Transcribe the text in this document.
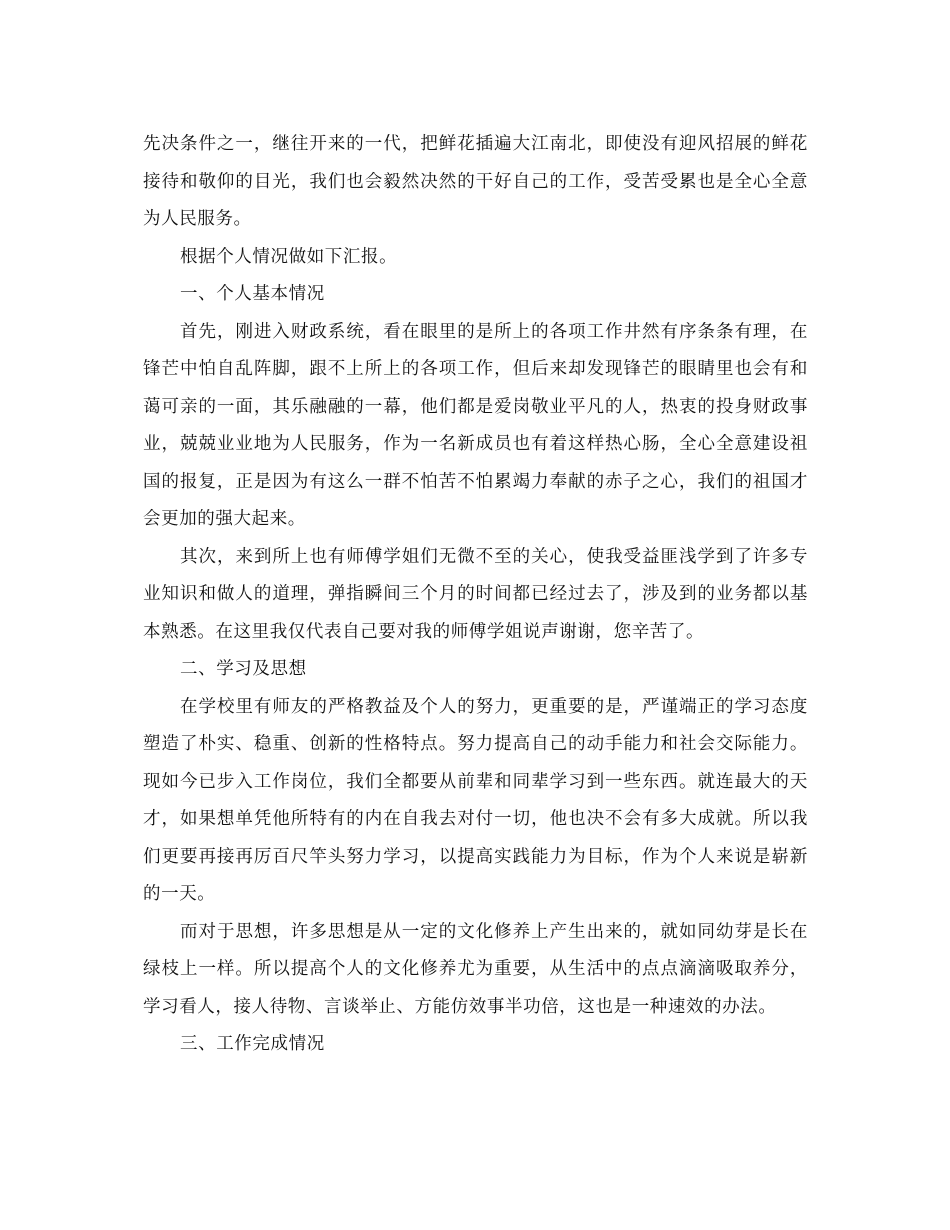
先决条件之一，继往开来的一代，把鲜花插遍大江南北，即使没有迎风招展的鲜花接待和敬仰的目光，我们也会毅然决然的干好自己的工作，受苦受累也是全心全意为人民服务。

根据个人情况做如下汇报。

一、个人基本情况

首先，刚进入财政系统，看在眼里的是所上的各项工作井然有序条条有理，在锋芒中怕自乱阵脚，跟不上所上的各项工作，但后来却发现锋芒的眼睛里也会有和蔼可亲的一面，其乐融融的一幕，他们都是爱岗敬业平凡的人，热衷的投身财政事业，兢兢业业地为人民服务，作为一名新成员也有着这样热心肠，全心全意建设祖国的报复，正是因为有这么一群不怕苦不怕累竭力奉献的赤子之心，我们的祖国才会更加的强大起来。

其次，来到所上也有师傅学姐们无微不至的关心，使我受益匪浅学到了许多专业知识和做人的道理，弹指瞬间三个月的时间都已经过去了，涉及到的业务都以基本熟悉。在这里我仅代表自己要对我的师傅学姐说声谢谢，您辛苦了。

二、学习及思想

在学校里有师友的严格教益及个人的努力，更重要的是，严谨端正的学习态度塑造了朴实、稳重、创新的性格特点。努力提高自己的动手能力和社会交际能力。现如今已步入工作岗位，我们全都要从前辈和同辈学习到一些东西。就连最大的天才，如果想单凭他所特有的内在自我去对付一切，他也决不会有多大成就。所以我们更要再接再厉百尺竿头努力学习，以提高实践能力为目标，作为个人来说是崭新的一天。

而对于思想，许多思想是从一定的文化修养上产生出来的，就如同幼芽是长在绿枝上一样。所以提高个人的文化修养尤为重要，从生活中的点点滴滴吸取养分，学习看人，接人待物、言谈举止、方能仿效事半功倍，这也是一种速效的办法。

三、工作完成情况
